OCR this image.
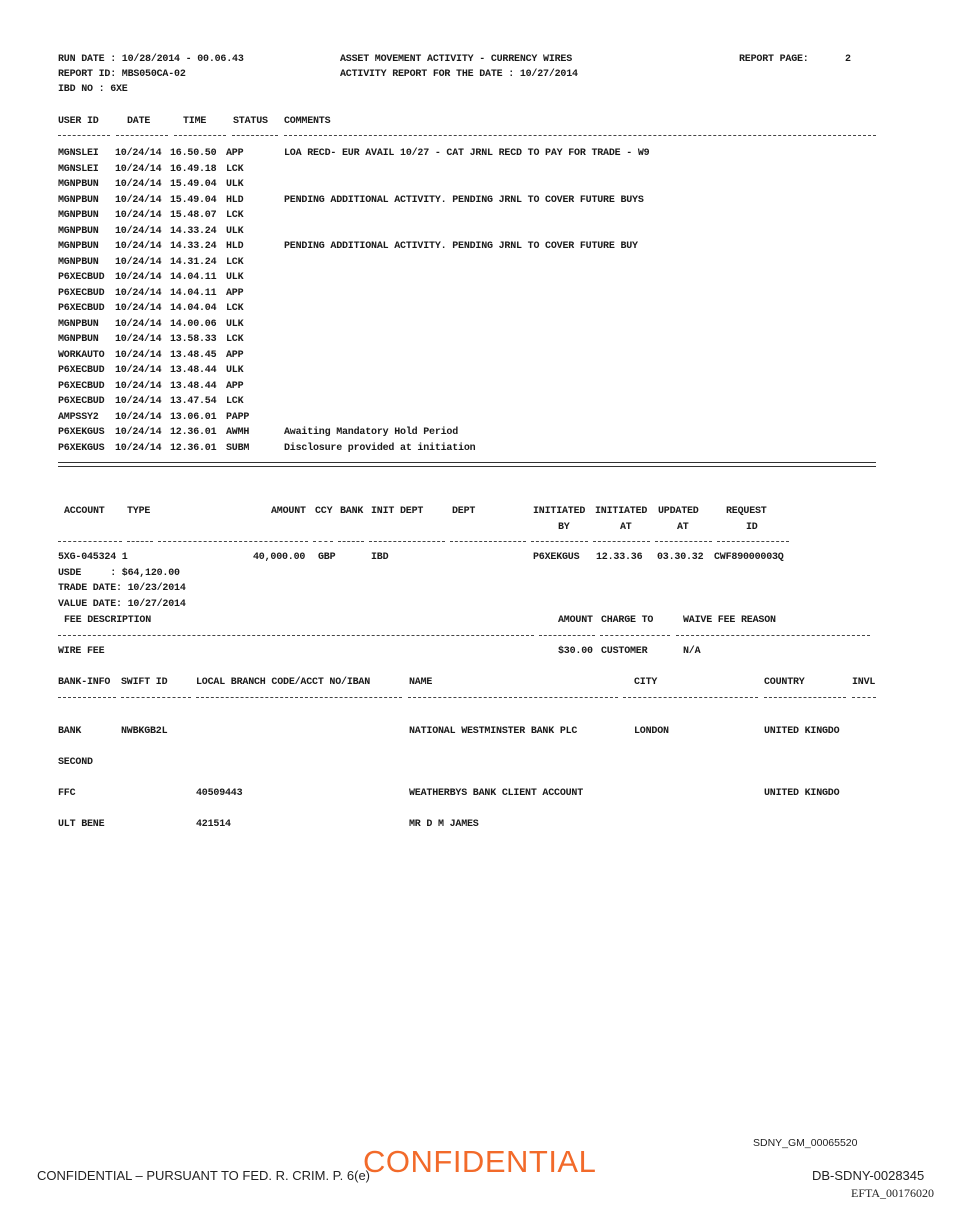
RUN DATE : 10/28/2014 - 00.06.43
REPORT ID: MBS050CA-02
IBD NO : 6XE
ASSET MOVEMENT ACTIVITY - CURRENCY WIRES
ACTIVITY REPORT FOR THE DATE : 10/27/2014
REPORT PAGE:	2
USER ID	DATE	TIME	STATUS COMMENTS
MGNSLEI 10/24/14 16.50.50 APP	LOA RECD- EUR AVAIL 10/27 - CAT JRNL RECD TO PAY FOR TRADE - W9
MGNSLEI 10/24/14 16.49.18 LCK
MGNPBUN 10/24/14 15.49.04 ULK
MGNPBUN 10/24/14 15.49.04 HLD	PENDING ADDITIONAL ACTIVITY. PENDING JRNL TO COVER FUTURE BUYS
MGNPBUN 10/24/14 15.48.07 LCK
MGNPBUN 10/24/14 14.33.24 ULK
MGNPBUN 10/24/14 14.33.24 HLD	PENDING ADDITIONAL ACTIVITY. PENDING JRNL TO COVER FUTURE BUY
MGNPBUN 10/24/14 14.31.24 LCK
P6XECBUD 10/24/14 14.04.11 ULK
P6XECBUD 10/24/14 14.04.11 APP
P6XECBUD 10/24/14 14.04.04 LCK
MGNPBUN 10/24/14 14.00.06 ULK
MGNPBUN 10/24/14 13.58.33 LCK
WORKAUTO 10/24/14 13.48.45 APP
P6XECBUD 10/24/14 13.48.44 ULK
P6XECBUD 10/24/14 13.48.44 APP
P6XECBUD 10/24/14 13.47.54 LCK
AMPSSY2 10/24/14 13.06.01 PAPP
P6XEKGUS 10/24/14 12.36.01 AWMH	Awaiting Mandatory Hold Period
P6XEKGUS 10/24/14 12.36.01 SUBM	Disclosure provided at initiation
ACCOUNT TYPE	AMOUNT CCY BANK INIT DEPT	DEPT	INITIATED INITIATED UPDATED	REQUEST
BY	AT	AT	ID
5XG-045324 1	40,000.00 GBP	IBD	P6XEKGUS 12.33.36 03.30.32 CWF89000003Q
USDE     : $64,120.00
TRADE DATE: 10/23/2014
VALUE DATE: 10/27/2014
FEE DESCRIPTION	AMOUNT CHARGE TO	WAIVE FEE REASON
WIRE FEE	$30.00 CUSTOMER	N/A
BANK-INFO SWIFT ID	LOCAL BRANCH CODE/ACCT NO/IBAN	NAME	CITY	COUNTRY	INVL
BANK	NWBKGB2L	NATIONAL WESTMINSTER BANK PLC	LONDON	UNITED KINGDO
SECOND
FFC	40509443	WEATHERBYS BANK CLIENT ACCOUNT	UNITED KINGDO
ULT BENE	421514	MR D M JAMES
SDNY_GM_00065520
CONFIDENTIAL – PURSUANT TO FED. R. CRIM. P. 6(e)
CONFIDENTIAL	DB-SDNY-0028345
EFTA_00176020
